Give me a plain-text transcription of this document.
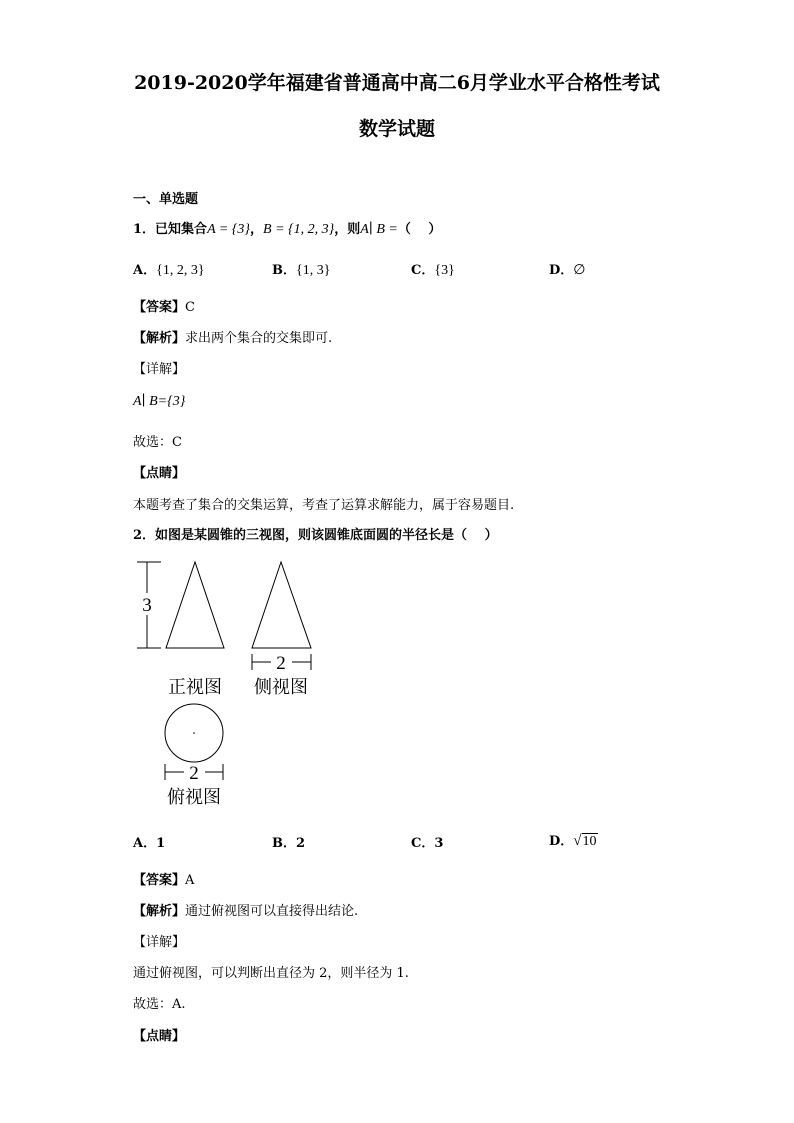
2019-2020学年福建省普通高中高二6月学业水平合格性考试
数学试题
一、单选题
1．已知集合A = {3}，B = {1, 2, 3}，则A∣ B =（　 ）
A．{1, 2, 3}	B．{1, 3}	C．{3}	D．∅
【答案】C
【解析】求出两个集合的交集即可.
【详解】
A∣ B={3}
故选：C
【点睛】
本题考查了集合的交集运算，考查了运算求解能力，属于容易题目.
2．如图是某圆锥的三视图，则该圆锥底面圆的半径长是（　 ）
3
正视图
2
侧视图
2
俯视图
A．1	B．2	C．3	D．√10
【答案】A
【解析】通过俯视图可以直接得出结论.
【详解】
通过俯视图，可以判断出直径为 2，则半径为 1.
故选：A.
【点睛】
